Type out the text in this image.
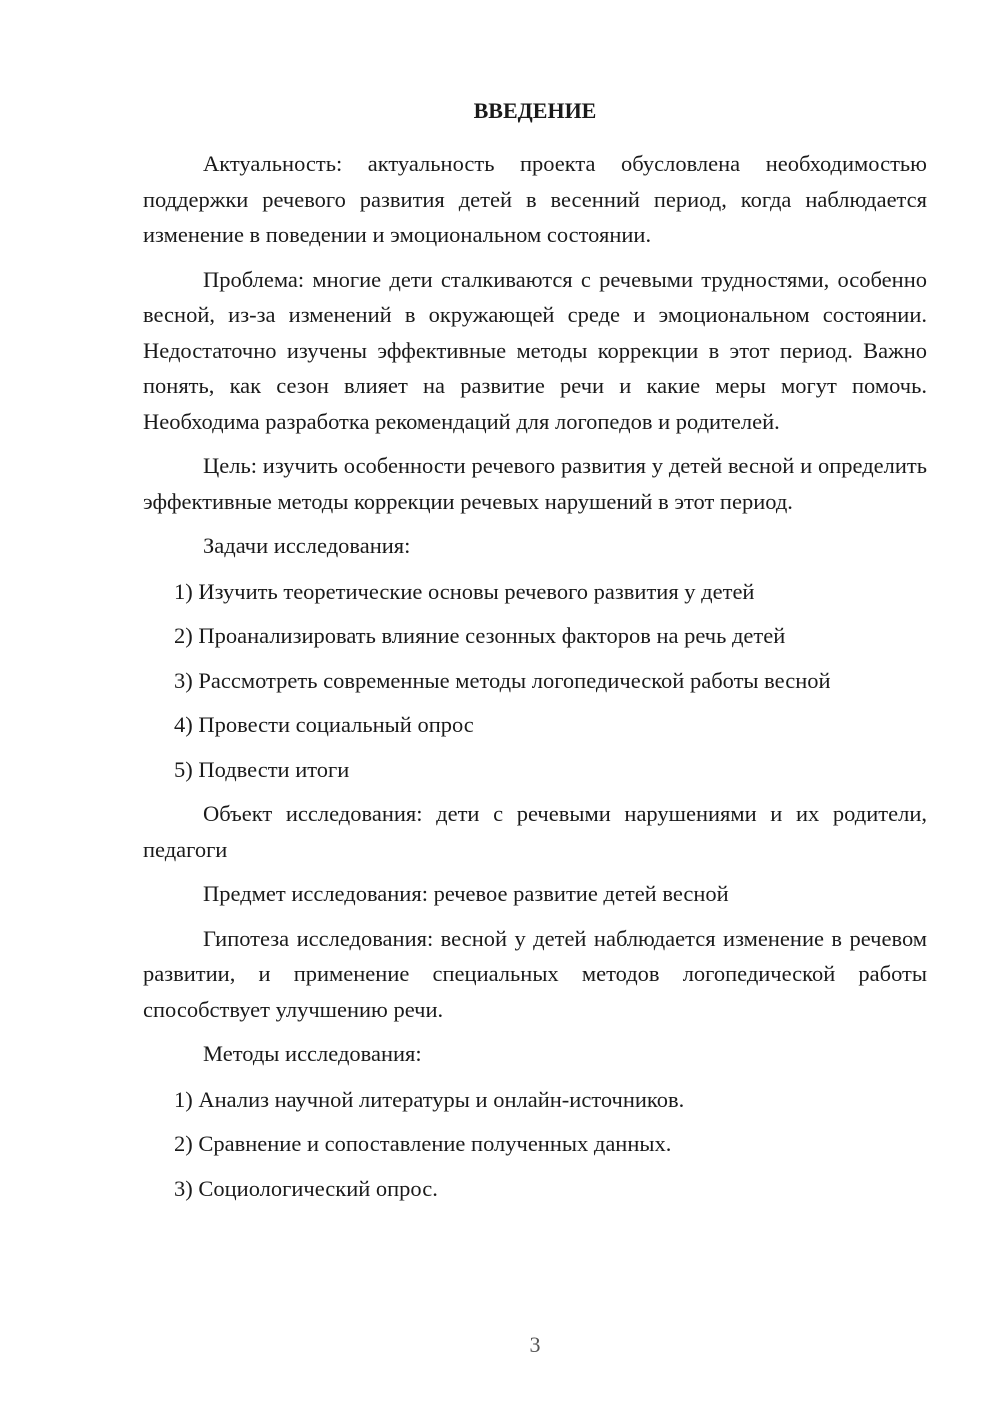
ВВЕДЕНИЕ

Актуальность: актуальность проекта обусловлена необходимостью поддержки речевого развития детей в весенний период, когда наблюдается изменение в поведении и эмоциональном состоянии.

Проблема: многие дети сталкиваются с речевыми трудностями, особенно весной, из-за изменений в окружающей среде и эмоциональном состоянии. Недостаточно изучены эффективные методы коррекции в этот период. Важно понять, как сезон влияет на развитие речи и какие меры могут помочь. Необходима разработка рекомендаций для логопедов и родителей.

Цель: изучить особенности речевого развития у детей весной и определить эффективные методы коррекции речевых нарушений в этот период.

Задачи исследования:

1) Изучить теоретические основы речевого развития у детей
2) Проанализировать влияние сезонных факторов на речь детей
3) Рассмотреть современные методы логопедической работы весной
4) Провести социальный опрос
5) Подвести итоги

Объект исследования: дети с речевыми нарушениями и их родители, педагоги

Предмет исследования: речевое развитие детей весной

Гипотеза исследования: весной у детей наблюдается изменение в речевом развитии, и применение специальных методов логопедической работы способствует улучшению речи.

Методы исследования:

1) Анализ научной литературы и онлайн-источников.
2) Сравнение и сопоставление полученных данных.
3) Социологический опрос.
3
